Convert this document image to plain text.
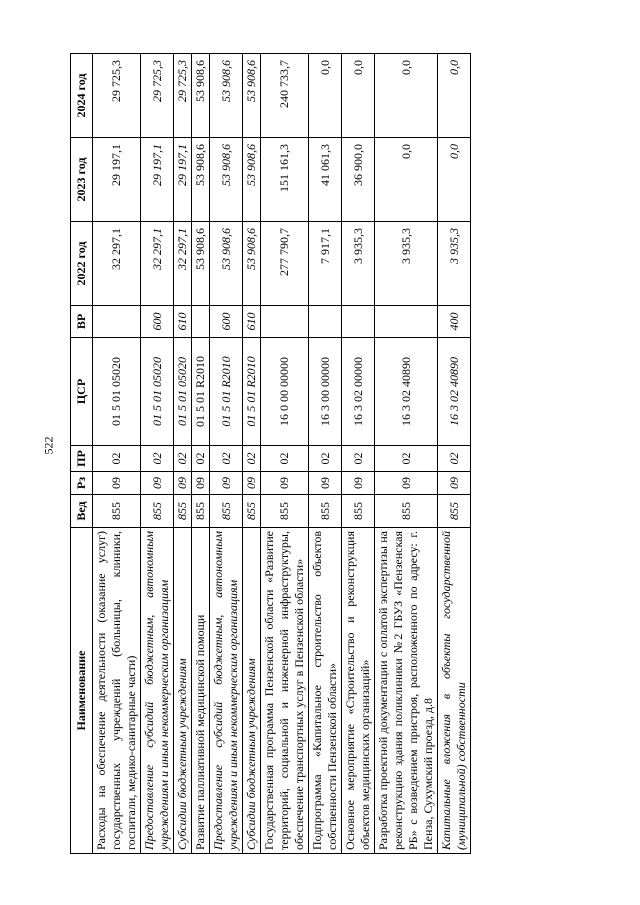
522
Наименование	Вед	Рз	ПР	ЦСР	ВР	2022 год	2023 год	2024 год
Расходы на обеспечение деятельности (оказание услуг) государственных учреждений (больницы, клиники, госпитали, медико-санитарные части)	855	09	02	01 5 01 05020		32 297,1	29 197,1	29 725,3
Предоставление субсидий бюджетным, автономным учреждениям и иным некоммерческим организациям	855	09	02	01 5 01 05020	600	32 297,1	29 197,1	29 725,3
Субсидии бюджетным учреждениям	855	09	02	01 5 01 05020	610	32 297,1	29 197,1	29 725,3
Развитие паллиативной медицинской помощи	855	09	02	01 5 01 R2010		53 908,6	53 908,6	53 908,6
Предоставление субсидий бюджетным, автономным учреждениям и иным некоммерческим организациям	855	09	02	01 5 01 R2010	600	53 908,6	53 908,6	53 908,6
Субсидии бюджетным учреждениям	855	09	02	01 5 01 R2010	610	53 908,6	53 908,6	53 908,6
Государственная программа Пензенской области «Развитие территорий, социальной и инженерной инфраструктуры, обеспечение транспортных услуг в Пензенской области»	855	09	02	16 0 00 00000		277 790,7	151 161,3	240 733,7
Подпрограмма «Капитальное строительство объектов собственности Пензенской области»	855	09	02	16 3 00 00000		7 917,1	41 061,3	0,0
Основное мероприятие «Строительство и реконструкция объектов медицинских организаций»	855	09	02	16 3 02 00000		3 935,3	36 900,0	0,0
Разработка проектной документации с оплатой экспертизы на реконструкцию здания поликлиники №2 ГБУЗ «Пензенская РБ» с возведением пристроя, расположенного по адресу: г. Пенза, Сухумский проезд, д.8	855	09	02	16 3 02 40890		3 935,3	0,0	0,0
Капитальные вложения в объекты государственной (муниципальной) собственности	855	09	02	16 3 02 40890	400	3 935,3	0,0	0,0
